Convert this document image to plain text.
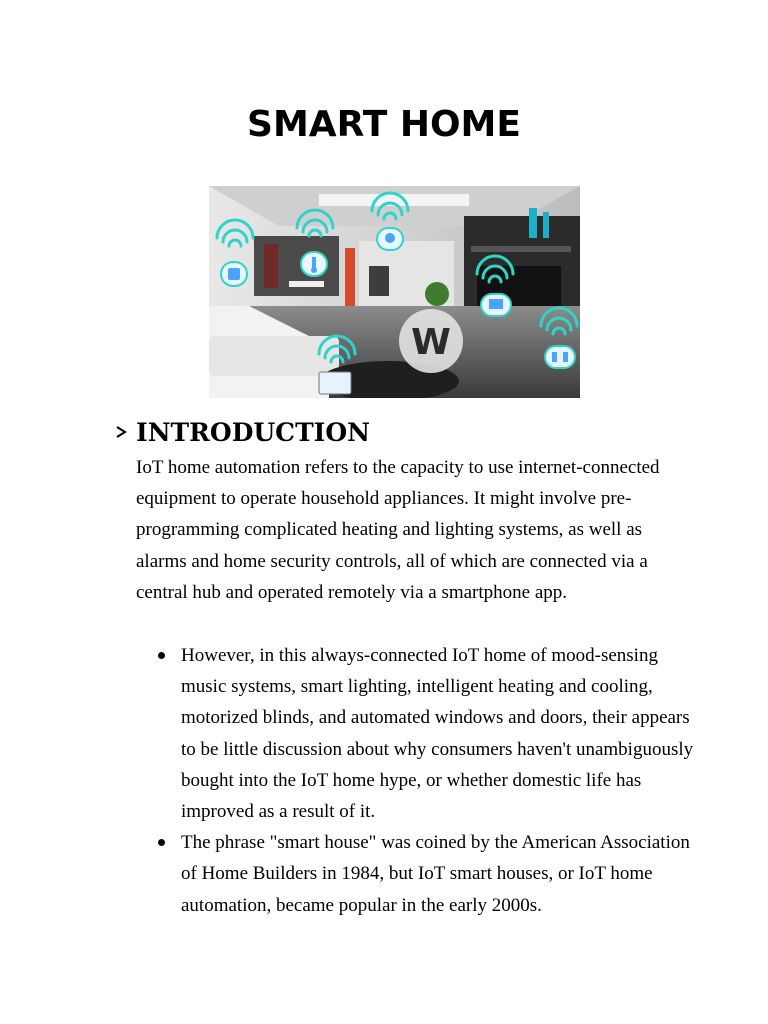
SMART HOME
W
INTRODUCTION

IoT home automation refers to the capacity to use internet-connected equipment to operate household appliances. It might involve pre-programming complicated heating and lighting systems, as well as alarms and home security controls, all of which are connected via a central hub and operated remotely via a smartphone app.

However, in this always-connected IoT home of mood-sensing music systems, smart lighting, intelligent heating and cooling, motorized blinds, and automated windows and doors, their appears to be little discussion about why consumers haven't unambiguously bought into the IoT home hype, or whether domestic life has improved as a result of it.
The phrase "smart house" was coined by the American Association of Home Builders in 1984, but IoT smart houses, or IoT home automation, became popular in the early 2000s.
